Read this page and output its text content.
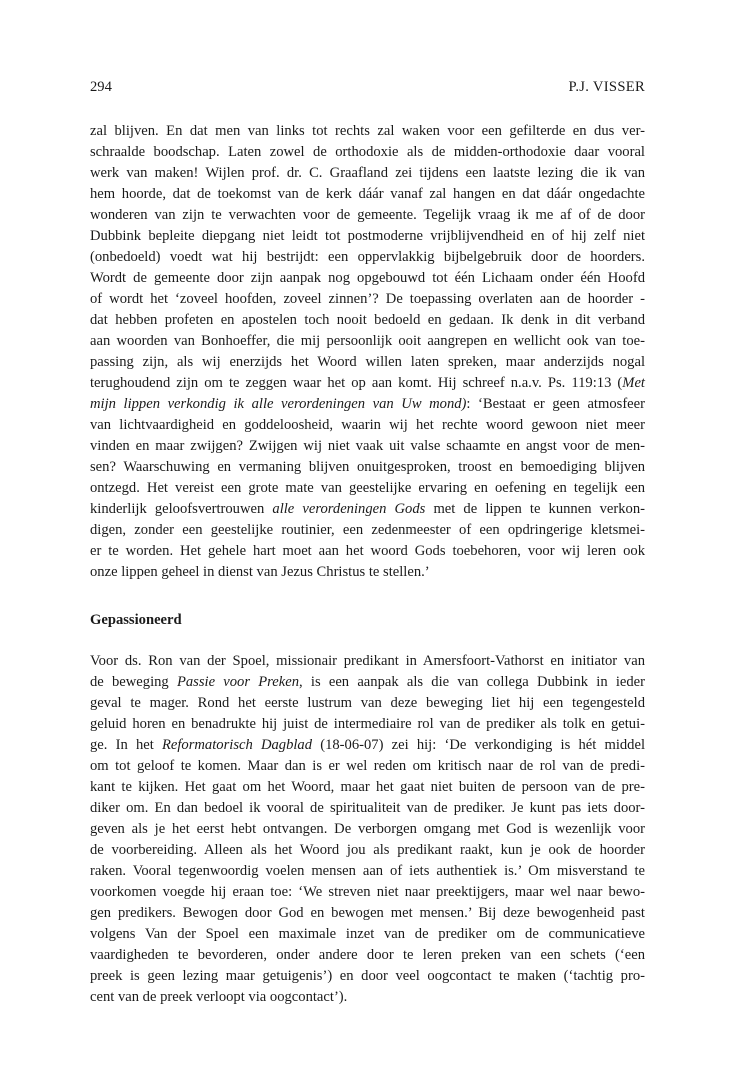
294	P.J. VISSER
zal blijven. En dat men van links tot rechts zal waken voor een gefilterde en dus ver-
schraalde boodschap. Laten zowel de orthodoxie als de midden-orthodoxie daar vooral
werk van maken! Wijlen prof. dr. C. Graafland zei tijdens een laatste lezing die ik van
hem hoorde, dat de toekomst van de kerk dáár vanaf zal hangen en dat dáár ongedachte
wonderen van zijn te verwachten voor de gemeente. Tegelijk vraag ik me af of de door
Dubbink bepleite diepgang niet leidt tot postmoderne vrijblijvendheid en of hij zelf niet
(onbedoeld) voedt wat hij bestrijdt: een oppervlakkig bijbelgebruik door de hoorders.
Wordt de gemeente door zijn aanpak nog opgebouwd tot één Lichaam onder één Hoofd
of wordt het ‘zoveel hoofden, zoveel zinnen’? De toepassing overlaten aan de hoorder -
dat hebben profeten en apostelen toch nooit bedoeld en gedaan. Ik denk in dit verband
aan woorden van Bonhoeffer, die mij persoonlijk ooit aangrepen en wellicht ook van toe-
passing zijn, als wij enerzijds het Woord willen laten spreken, maar anderzijds nogal
terughoudend zijn om te zeggen waar het op aan komt. Hij schreef n.a.v. Ps. 119:13 (Met
mijn lippen verkondig ik alle verordeningen van Uw mond): ‘Bestaat er geen atmosfeer
van lichtvaardigheid en goddeloosheid, waarin wij het rechte woord gewoon niet meer
vinden en maar zwijgen? Zwijgen wij niet vaak uit valse schaamte en angst voor de men-
sen? Waarschuwing en vermaning blijven onuitgesproken, troost en bemoediging blijven
ontzegd. Het vereist een grote mate van geestelijke ervaring en oefening en tegelijk een
kinderlijk geloofsvertrouwen alle verordeningen Gods met de lippen te kunnen verkon-
digen, zonder een geestelijke routinier, een zedenmeester of een opdringerige kletsmei-
er te worden. Het gehele hart moet aan het woord Gods toebehoren, voor wij leren ook
onze lippen geheel in dienst van Jezus Christus te stellen.’
Gepassioneerd
Voor ds. Ron van der Spoel, missionair predikant in Amersfoort-Vathorst en initiator van
de beweging Passie voor Preken, is een aanpak als die van collega Dubbink in ieder
geval te mager. Rond het eerste lustrum van deze beweging liet hij een tegengesteld
geluid horen en benadrukte hij juist de intermediaire rol van de prediker als tolk en getui-
ge. In het Reformatorisch Dagblad (18-06-07) zei hij: ‘De verkondiging is hét middel
om tot geloof te komen. Maar dan is er wel reden om kritisch naar de rol van de predi-
kant te kijken. Het gaat om het Woord, maar het gaat niet buiten de persoon van de pre-
diker om. En dan bedoel ik vooral de spiritualiteit van de prediker. Je kunt pas iets door-
geven als je het eerst hebt ontvangen. De verborgen omgang met God is wezenlijk voor
de voorbereiding. Alleen als het Woord jou als predikant raakt, kun je ook de hoorder
raken. Vooral tegenwoordig voelen mensen aan of iets authentiek is.’ Om misverstand te
voorkomen voegde hij eraan toe: ‘We streven niet naar preektijgers, maar wel naar bewo-
gen predikers. Bewogen door God en bewogen met mensen.’ Bij deze bewogenheid past
volgens Van der Spoel een maximale inzet van de prediker om de communicatieve
vaardigheden te bevorderen, onder andere door te leren preken van een schets (‘een
preek is geen lezing maar getuigenis’) en door veel oogcontact te maken (‘tachtig pro-
cent van de preek verloopt via oogcontact’).
